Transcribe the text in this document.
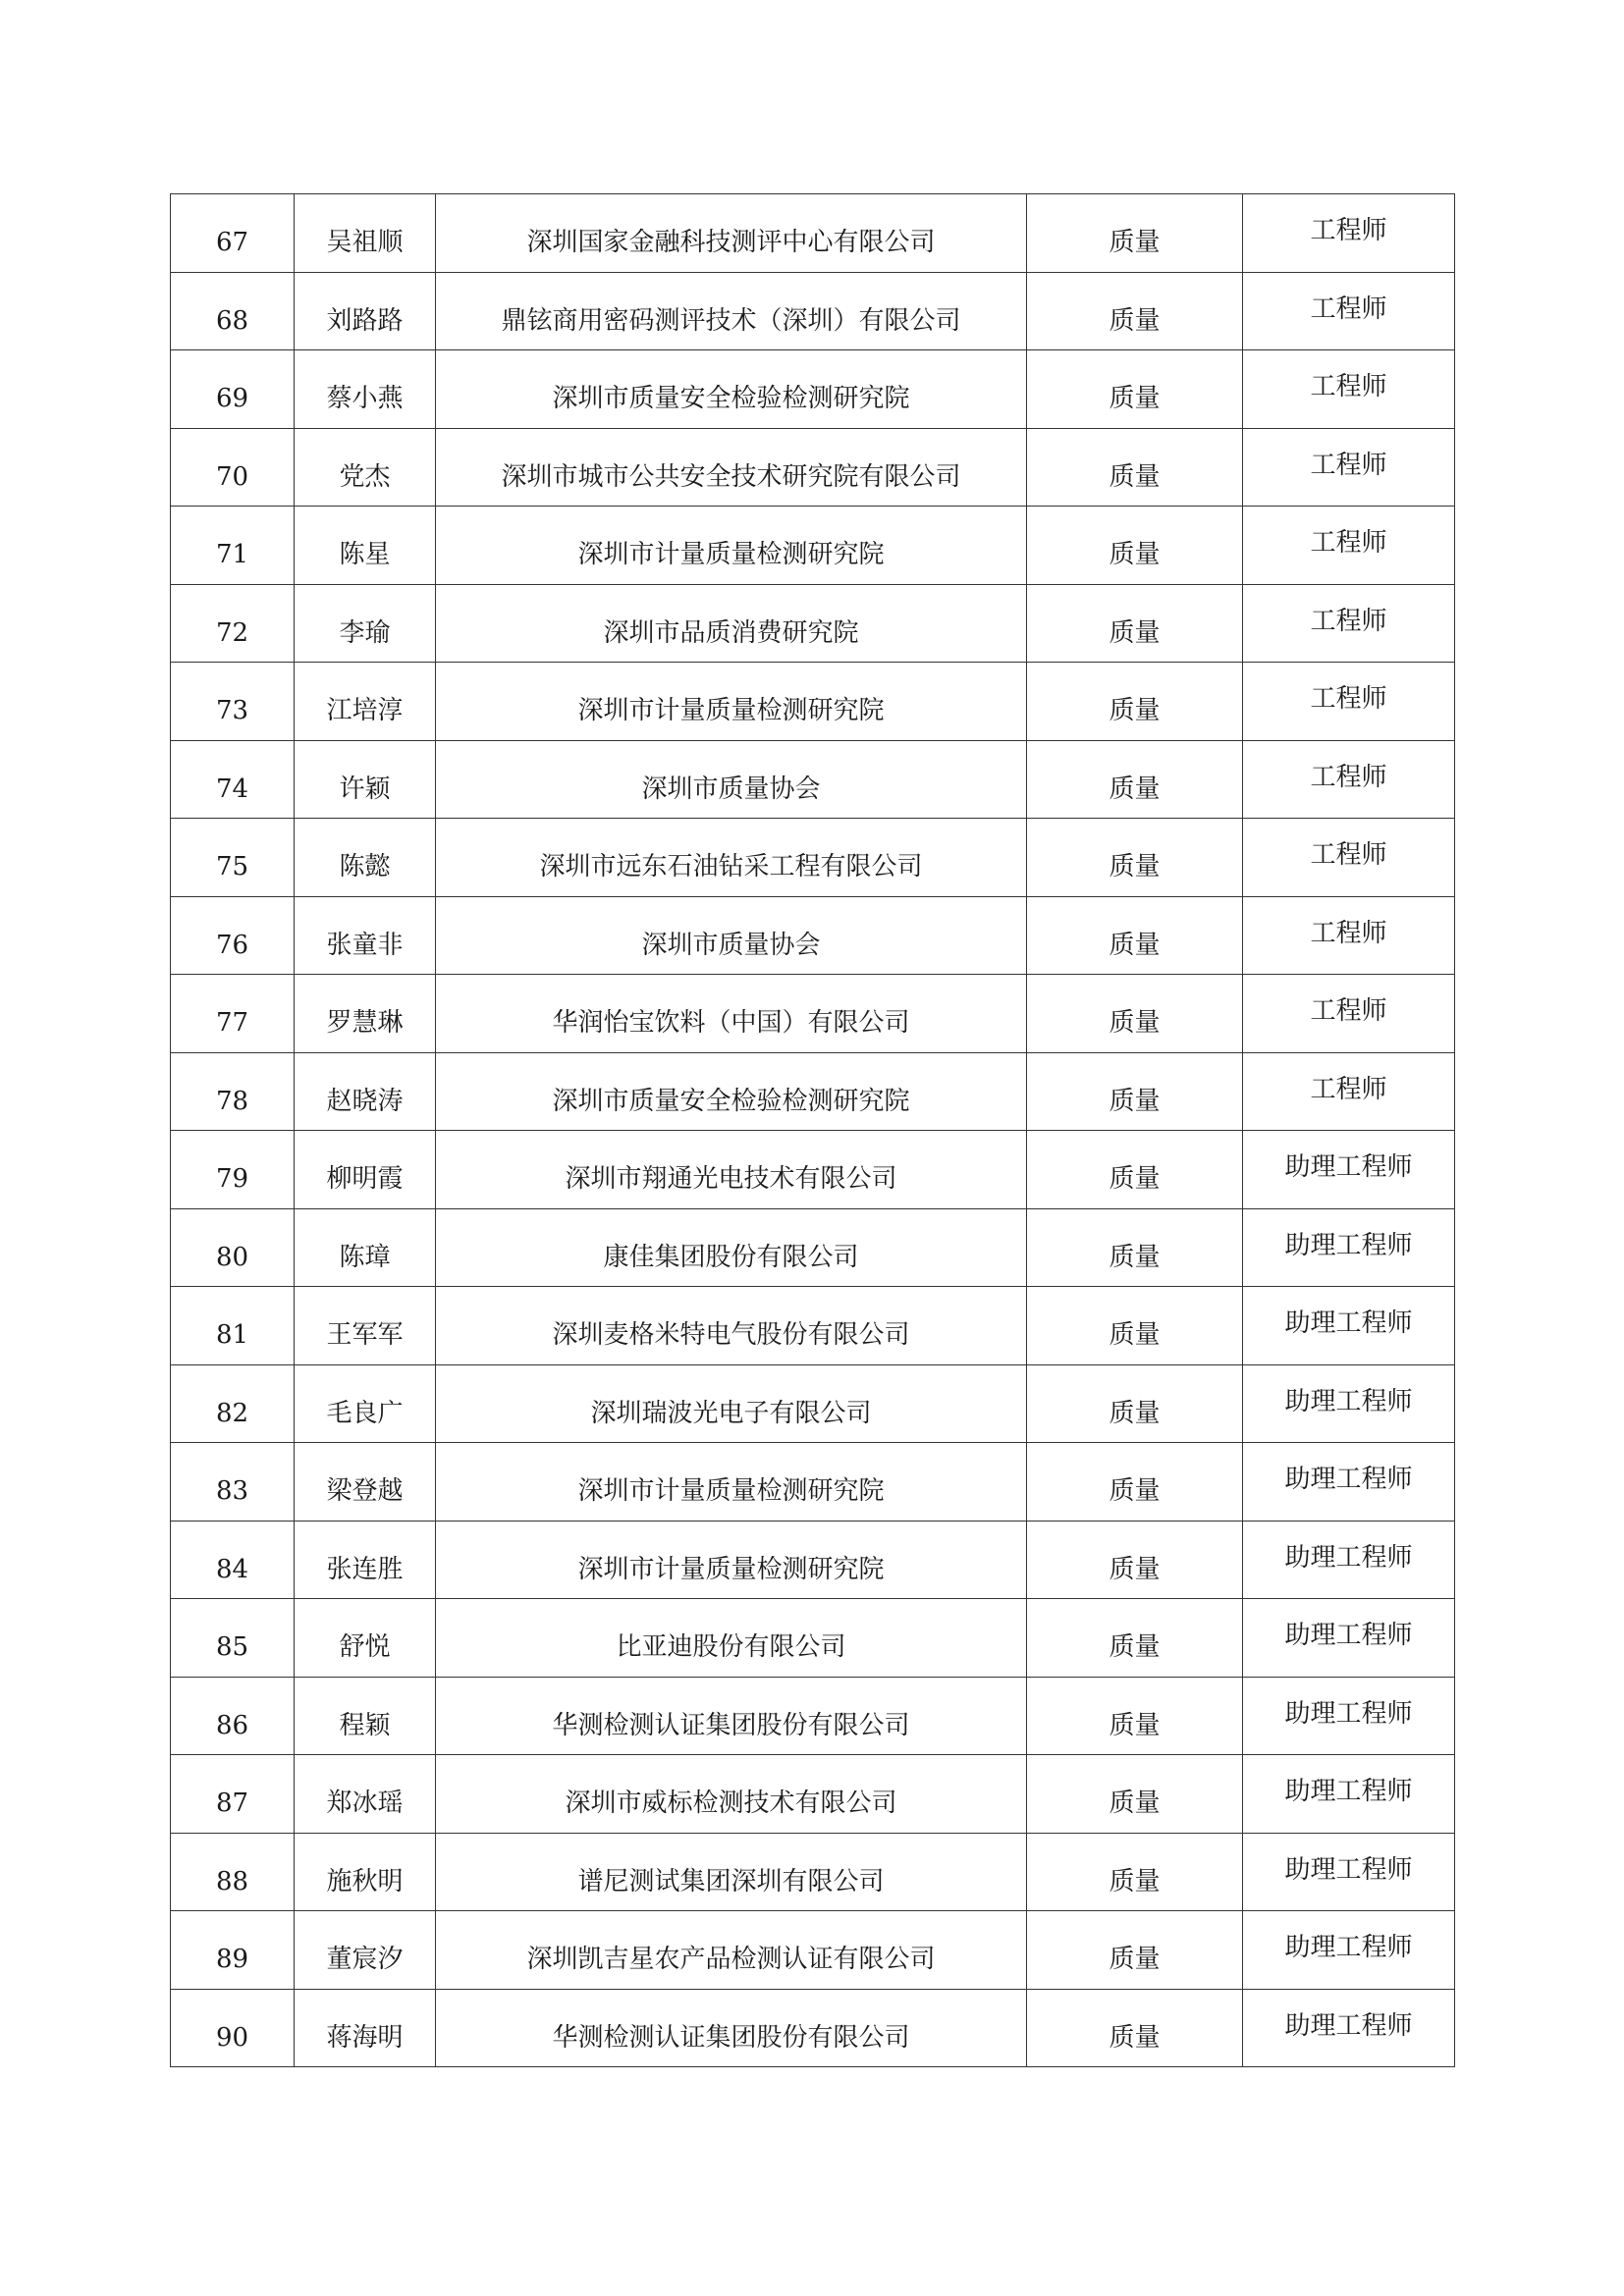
67	吴祖顺	深圳国家金融科技测评中心有限公司	质量	工程师

68	刘路路	鼎铉商用密码测评技术（深圳）有限公司	质量	工程师

69	蔡小燕	深圳市质量安全检验检测研究院	质量	工程师

70	党杰	深圳市城市公共安全技术研究院有限公司	质量	工程师

71	陈星	深圳市计量质量检测研究院	质量	工程师

72	李瑜	深圳市品质消费研究院	质量	工程师

73	江培淳	深圳市计量质量检测研究院	质量	工程师

74	许颖	深圳市质量协会	质量	工程师

75	陈懿	深圳市远东石油钻采工程有限公司	质量	工程师

76	张童非	深圳市质量协会	质量	工程师

77	罗慧琳	华润怡宝饮料（中国）有限公司	质量	工程师

78	赵晓涛	深圳市质量安全检验检测研究院	质量	工程师

79	柳明霞	深圳市翔通光电技术有限公司	质量	助理工程师

80	陈璋	康佳集团股份有限公司	质量	助理工程师

81	王军军	深圳麦格米特电气股份有限公司	质量	助理工程师

82	毛良广	深圳瑞波光电子有限公司	质量	助理工程师

83	梁登越	深圳市计量质量检测研究院	质量	助理工程师

84	张连胜	深圳市计量质量检测研究院	质量	助理工程师

85	舒悦	比亚迪股份有限公司	质量	助理工程师

86	程颖	华测检测认证集团股份有限公司	质量	助理工程师

87	郑冰瑶	深圳市威标检测技术有限公司	质量	助理工程师

88	施秋明	谱尼测试集团深圳有限公司	质量	助理工程师

89	董宸汐	深圳凯吉星农产品检测认证有限公司	质量	助理工程师

90	蒋海明	华测检测认证集团股份有限公司	质量	助理工程师
